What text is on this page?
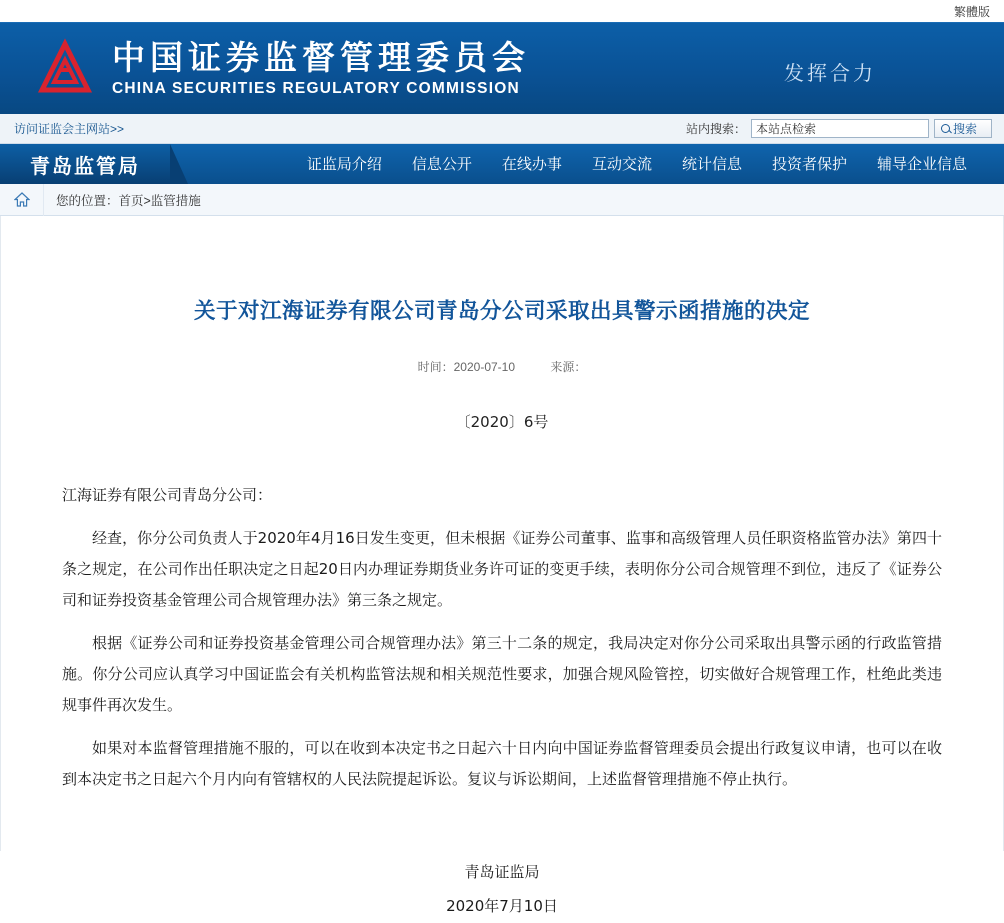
繁體版
中国证券监督管理委员会
CHINA SECURITIES REGULATORY COMMISSION
发挥合力
访问证监会主网站>>	站内搜索：
本站点检索	搜索
青岛监管局	证监局介绍	信息公开	在线办事	互动交流	统计信息	投资者保护	辅导企业信息
您的位置：首页>监管措施
关于对江海证券有限公司青岛分公司采取出具警示函措施的决定
时间：2020-07-10	来源：
〔2020〕6号

江海证券有限公司青岛分公司：

经查，你分公司负责人于2020年4月16日发生变更，但未根据《证券公司董事、监事和高级管理人员任职资格监管办法》第四十条之规定，在公司作出任职决定之日起20日内办理证券期货业务许可证的变更手续，表明你分公司合规管理不到位，违反了《证券公司和证券投资基金管理公司合规管理办法》第三条之规定。

根据《证券公司和证券投资基金管理公司合规管理办法》第三十二条的规定，我局决定对你分公司采取出具警示函的行政监管措施。你分公司应认真学习中国证监会有关机构监管法规和相关规范性要求，加强合规风险管控，切实做好合规管理工作，杜绝此类违规事件再次发生。

如果对本监督管理措施不服的，可以在收到本决定书之日起六十日内向中国证券监督管理委员会提出行政复议申请，也可以在收到本决定书之日起六个月内向有管辖权的人民法院提起诉讼。复议与诉讼期间，上述监督管理措施不停止执行。

青岛证监局
2020年7月10日
